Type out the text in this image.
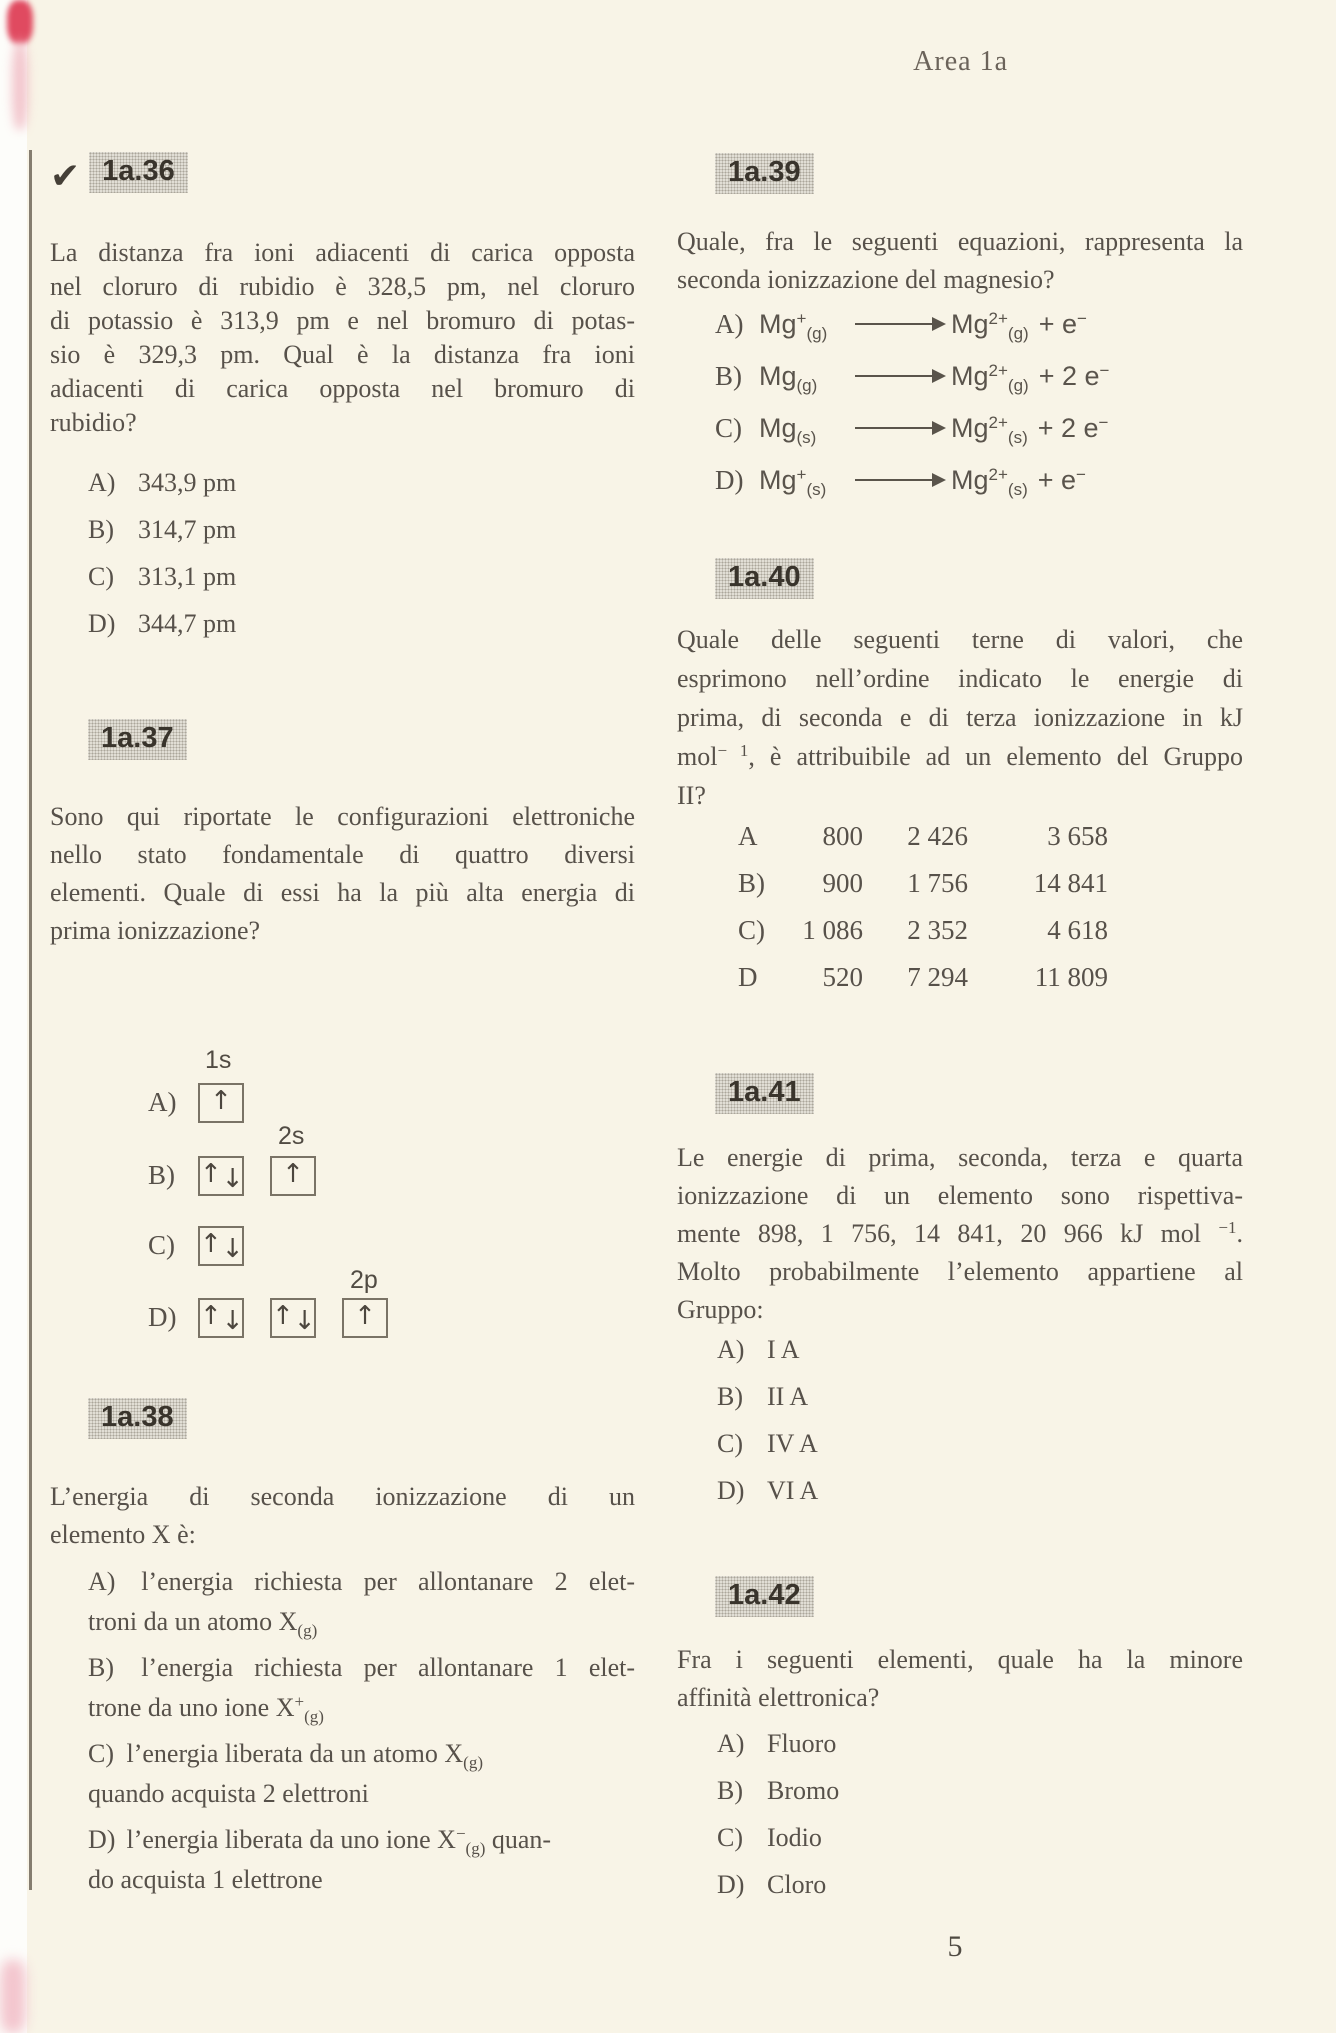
Area 1a
✔ 1a.36
La distanza fra ioni adiacenti di carica opposta
nel cloruro di rubidio è 328,5 pm, nel cloruro
di potassio è 313,9 pm e nel bromuro di potas-
sio è 329,3 pm. Qual è la distanza fra ioni
adiacenti di carica opposta nel bromuro di
rubidio?
A) 343,9 pm
B) 314,7 pm
C) 313,1 pm
D) 344,7 pm
1a.37
Sono qui riportate le configurazioni elettroniche
nello stato fondamentale di quattro diversi
elementi. Quale di essi ha la più alta energia di
prima ionizzazione?
1s
A) ↑
2s
B) ↑ ↓ ↑
C) ↑ ↓
2p
D) ↑ ↓ ↑ ↓ ↑
1a.38
L’energia di seconda ionizzazione di un
elemento X è:
A) l’energia richiesta per allontanare 2 elet-
troni da un atomo $X_{(g)}$
B) l’energia richiesta per allontanare 1 elet-
trone da uno ione $X^+_{(g)}$
C) l’energia liberata da un atomo $X_{(g)}$
quando acquista 2 elettroni
D) l’energia liberata da uno ione $X^-_{(g)}$ quan-
do acquista 1 elettrone
1a.39
Quale, fra le seguenti equazioni, rappresenta la
seconda ionizzazione del magnesio?
A) $Mg^+_{(g)}$	→ $Mg^{2+}_{(g)} + e^-$
B) $Mg_{(g)}$	→ $Mg^{2+}_{(g)} + 2$ e−
C) $Mg_{(s)}$	→ $Mg^{2+}_{(s)} + 2$ e−
D) $Mg^+_{(s)}$	→ $Mg^{2+}_{(s)} + e^-$
1a.40
Quale delle seguenti terne di valori, che
esprimono nell’ordine indicato le energie di
prima, di seconda e di terza ionizzazione in kJ
mol$^{- 1}$, è attribuibile ad un elemento del Gruppo
II?
A	800	2 426	3 658
B)	900	1 756	14 841
C)	1 086	2 352	4 618
D	520	7 294	11 809
1a.41
Le energie di prima, seconda, terza e quarta
ionizzazione di un elemento sono rispettiva-
mente 898, 1 756, 14 841, 20 966 kJ mol $^{-1}$.
Molto probabilmente l’elemento appartiene al
Gruppo:
A) I A
B) II A
C) IV A
D) VI A
1a.42
Fra i seguenti elementi, quale ha la minore
affinità elettronica?
A) Fluoro
B) Bromo
C) Iodio
D) Cloro
5
